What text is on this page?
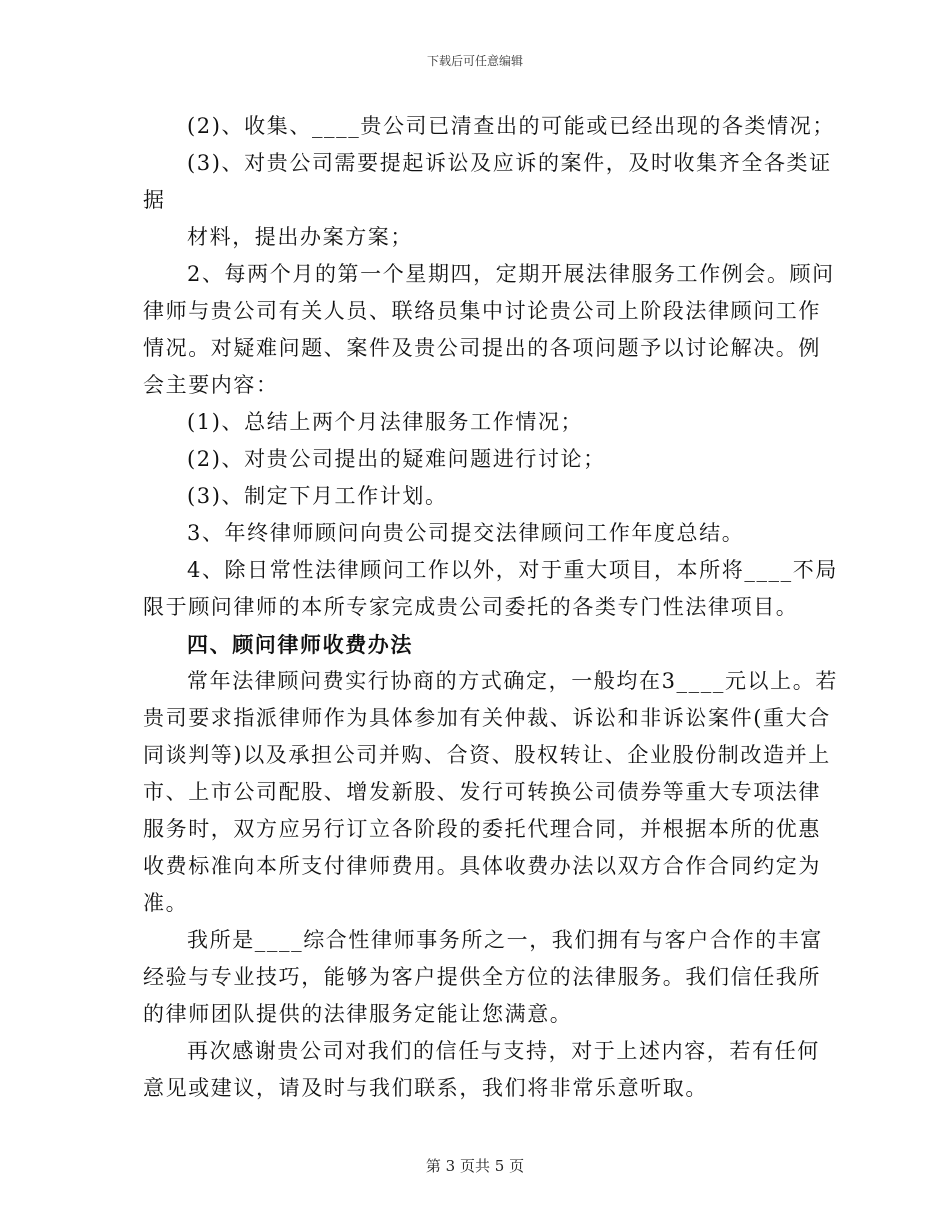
下载后可任意编辑
(2)、收集、____贵公司已清查出的可能或已经出现的各类情况；
(3)、对贵公司需要提起诉讼及应诉的案件，及时收集齐全各类证
据
材料，提出办案方案；
2、每两个月的第一个星期四，定期开展法律服务工作例会。顾问
律师与贵公司有关人员、联络员集中讨论贵公司上阶段法律顾问工作
情况。对疑难问题、案件及贵公司提出的各项问题予以讨论解决。例
会主要内容：
(1)、总结上两个月法律服务工作情况；
(2)、对贵公司提出的疑难问题进行讨论；
(3)、制定下月工作计划。
3、年终律师顾问向贵公司提交法律顾问工作年度总结。
4、除日常性法律顾问工作以外，对于重大项目，本所将____不局
限于顾问律师的本所专家完成贵公司委托的各类专门性法律项目。
四、顾问律师收费办法
常年法律顾问费实行协商的方式确定，一般均在3____元以上。若
贵司要求指派律师作为具体参加有关仲裁、诉讼和非诉讼案件(重大合
同谈判等)以及承担公司并购、合资、股权转让、企业股份制改造并上
市、上市公司配股、增发新股、发行可转换公司债券等重大专项法律
服务时，双方应另行订立各阶段的委托代理合同，并根据本所的优惠
收费标准向本所支付律师费用。具体收费办法以双方合作合同约定为
准。
我所是____综合性律师事务所之一，我们拥有与客户合作的丰富
经验与专业技巧，能够为客户提供全方位的法律服务。我们信任我所
的律师团队提供的法律服务定能让您满意。
再次感谢贵公司对我们的信任与支持，对于上述内容，若有任何
意见或建议，请及时与我们联系，我们将非常乐意听取。
第 3 页共 5 页
